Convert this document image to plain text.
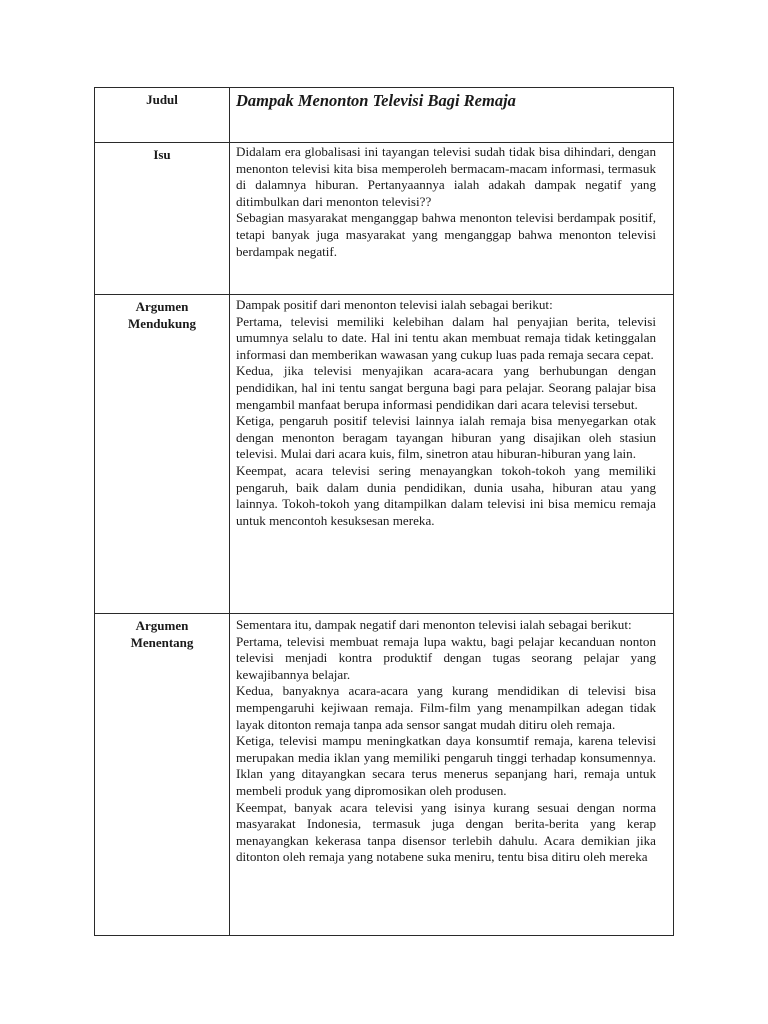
Judul	Dampak Menonton Televisi Bagi Remaja

Isu	Didalam era globalisasi ini tayangan televisi sudah tidak bisa dihindari, dengan menonton televisi kita bisa memperoleh bermacam-macam informasi, termasuk di dalamnya hiburan. Pertanyaannya ialah adakah dampak negatif yang ditimbulkan dari menonton televisi??
Sebagian masyarakat menganggap bahwa menonton televisi berdampak positif, tetapi banyak juga masyarakat yang menganggap bahwa menonton televisi berdampak negatif.

Argumen
Mendukung	Dampak positif dari menonton televisi ialah sebagai berikut:
Pertama, televisi memiliki kelebihan dalam hal penyajian berita, televisi umumnya selalu to date. Hal ini tentu akan membuat remaja tidak ketinggalan informasi dan memberikan wawasan yang cukup luas pada remaja secara cepat.
Kedua, jika televisi menyajikan acara-acara yang berhubungan dengan pendidikan, hal ini tentu sangat berguna bagi para pelajar. Seorang palajar bisa mengambil manfaat berupa informasi pendidikan dari acara televisi tersebut.
Ketiga, pengaruh positif televisi lainnya ialah remaja bisa menyegarkan otak dengan menonton beragam tayangan hiburan yang disajikan oleh stasiun televisi. Mulai dari acara kuis, film, sinetron atau hiburan-hiburan yang lain.
Keempat, acara televisi sering menayangkan tokoh-tokoh yang memiliki pengaruh, baik dalam dunia pendidikan, dunia usaha, hiburan atau yang lainnya. Tokoh-tokoh yang ditampilkan dalam televisi ini bisa memicu remaja untuk mencontoh kesuksesan mereka.

Argumen
Menentang	Sementara itu, dampak negatif dari menonton televisi ialah sebagai berikut:
Pertama, televisi membuat remaja lupa waktu, bagi pelajar kecanduan nonton televisi menjadi kontra produktif dengan tugas seorang pelajar yang kewajibannya belajar.
Kedua, banyaknya acara-acara yang kurang mendidikan di televisi bisa mempengaruhi kejiwaan remaja. Film-film yang menampilkan adegan tidak layak ditonton remaja tanpa ada sensor sangat mudah ditiru oleh remaja.
Ketiga, televisi mampu meningkatkan daya konsumtif remaja, karena televisi merupakan media iklan yang memiliki pengaruh tinggi terhadap konsumennya. Iklan yang ditayangkan secara terus menerus sepanjang hari, remaja untuk membeli produk yang dipromosikan oleh produsen.
Keempat, banyak acara televisi yang isinya kurang sesuai dengan norma masyarakat Indonesia, termasuk juga dengan berita-berita yang kerap menayangkan kekerasa tanpa disensor terlebih dahulu. Acara demikian jika ditonton oleh remaja yang notabene suka meniru, tentu bisa ditiru oleh mereka
